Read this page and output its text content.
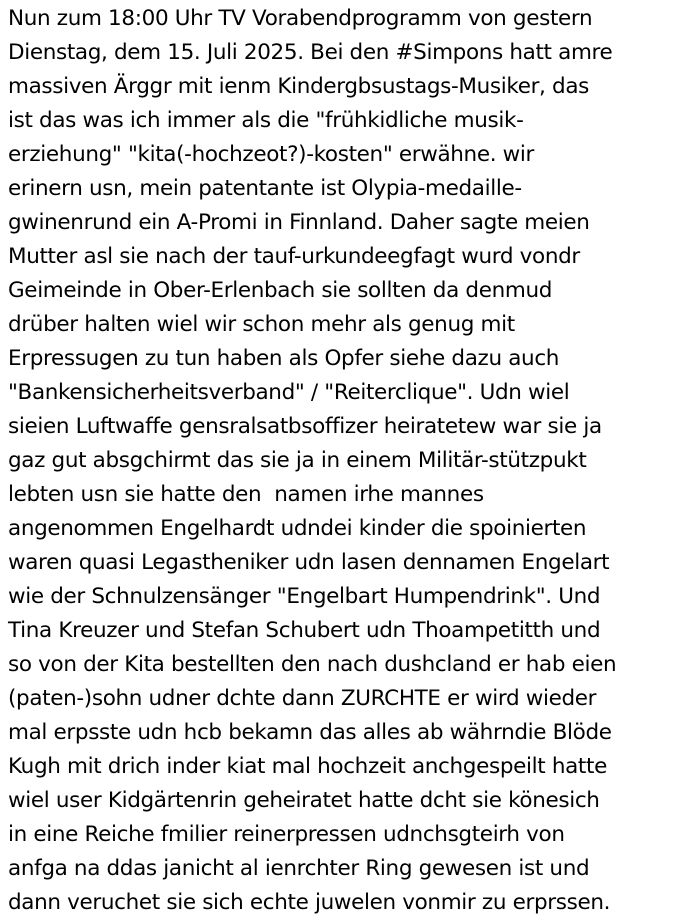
Nun zum 18:00 Uhr TV Vorabendprogramm von gestern
Dienstag, dem 15. Juli 2025. Bei den #Simpons hatt amre
massiven Ärggr mit ienm Kindergbsustags-Musiker, das
ist das was ich immer als die "frühkidliche musik-
erziehung" "kita(-hochzeot?)-kosten" erwähne. wir
erinern usn, mein patentante ist Olypia-medaille-
gwinenrund ein A-Promi in Finnland. Daher sagte meien
Mutter asl sie nach der tauf-urkundeegfagt wurd vondr
Geimeinde in Ober-Erlenbach sie sollten da denmud
drüber halten wiel wir schon mehr als genug mit
Erpressugen zu tun haben als Opfer siehe dazu auch
"Bankensicherheitsverband" / "Reiterclique". Udn wiel
sieien Luftwaffe gensralsatbsoffizer heiratetew war sie ja
gaz gut absgchirmt das sie ja in einem Militär-stützpukt
lebten usn sie hatte den  namen irhe mannes
angenommen Engelhardt udndei kinder die spoinierten
waren quasi Legastheniker udn lasen dennamen Engelart
wie der Schnulzensänger "Engelbart Humpendrink". Und
Tina Kreuzer und Stefan Schubert udn Thoampetitth und
so von der Kita bestellten den nach dushcland er hab eien
(paten-)sohn udner dchte dann ZURCHTE er wird wieder
mal erpsste udn hcb bekamn das alles ab währndie Blöde
Kugh mit drich inder kiat mal hochzeit anchgespeilt hatte
wiel user Kidgärtenrin geheiratet hatte dcht sie könesich
in eine Reiche fmilier reinerpressen udnchsgteirh von
anfga na ddas janicht al ienrchter Ring gewesen ist und
dann veruchet sie sich echte juwelen vonmir zu erprssen.
